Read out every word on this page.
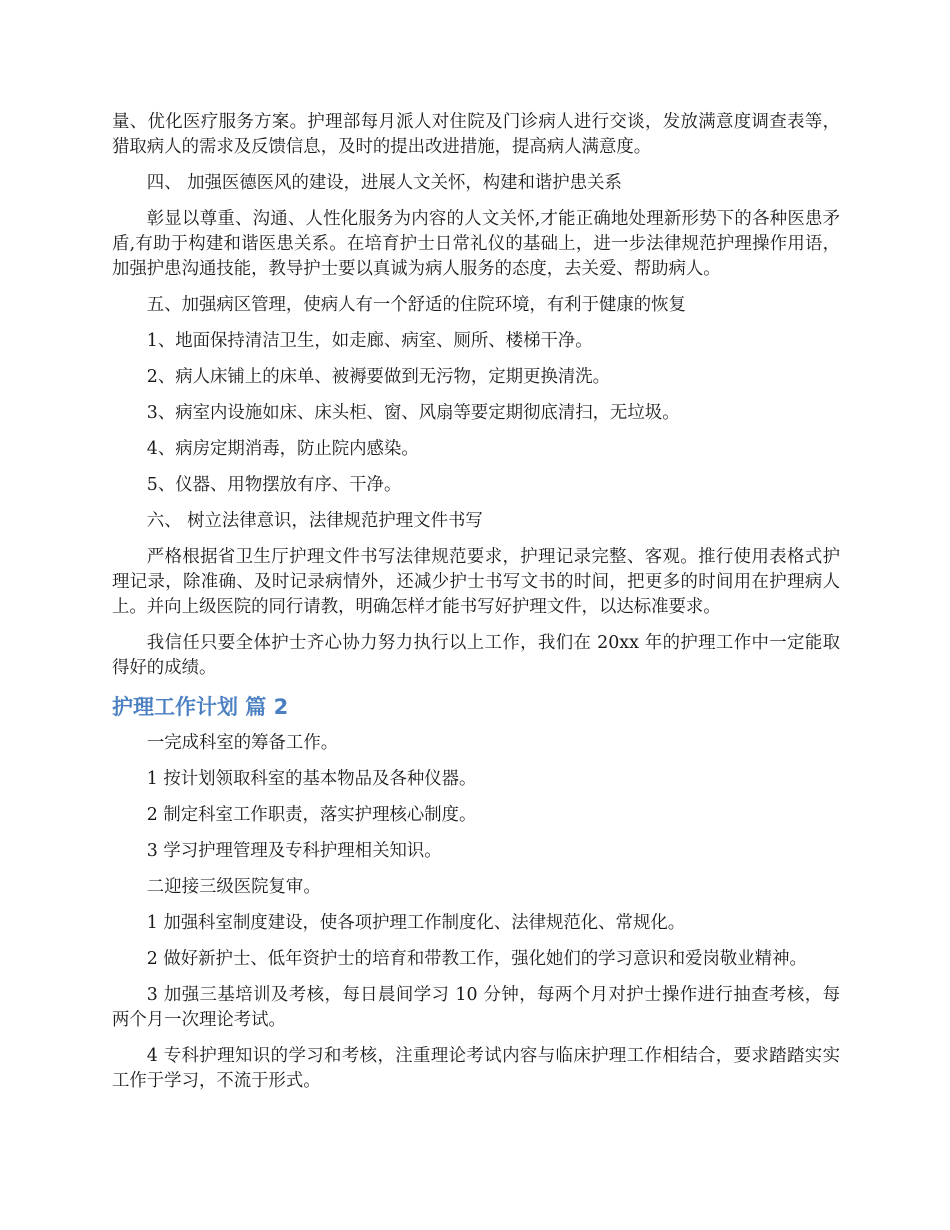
量、优化医疗服务方案。护理部每月派人对住院及门诊病人进行交谈，发放满意度调查表等，猎取病人的需求及反馈信息，及时的提出改进措施，提高病人满意度。

四、 加强医德医风的建设，进展人文关怀，构建和谐护患关系

彰显以尊重、沟通、人性化服务为内容的人文关怀,才能正确地处理新形势下的各种医患矛盾,有助于构建和谐医患关系。在培育护士日常礼仪的基础上，进一步法律规范护理操作用语，加强护患沟通技能，教导护士要以真诚为病人服务的态度，去关爱、帮助病人。

五、加强病区管理，使病人有一个舒适的住院环境，有利于健康的恢复

1、地面保持清洁卫生，如走廊、病室、厕所、楼梯干净。

2、病人床铺上的床单、被褥要做到无污物，定期更换清洗。

3、病室内设施如床、床头柜、窗、风扇等要定期彻底清扫，无垃圾。

4、病房定期消毒，防止院内感染。

5、仪器、用物摆放有序、干净。

六、 树立法律意识，法律规范护理文件书写

严格根据省卫生厅护理文件书写法律规范要求，护理记录完整、客观。推行使用表格式护理记录，除准确、及时记录病情外，还减少护士书写文书的时间，把更多的时间用在护理病人上。并向上级医院的同行请教，明确怎样才能书写好护理文件，以达标准要求。

我信任只要全体护士齐心协力努力执行以上工作，我们在 20xx 年的护理工作中一定能取得好的成绩。

护理工作计划 篇 2

一完成科室的筹备工作。

1 按计划领取科室的基本物品及各种仪器。

2 制定科室工作职责，落实护理核心制度。

3 学习护理管理及专科护理相关知识。

二迎接三级医院复审。

1 加强科室制度建设，使各项护理工作制度化、法律规范化、常规化。

2 做好新护士、低年资护士的培育和带教工作，强化她们的学习意识和爱岗敬业精神。

3 加强三基培训及考核，每日晨间学习 10 分钟，每两个月对护士操作进行抽查考核，每两个月一次理论考试。

4 专科护理知识的学习和考核，注重理论考试内容与临床护理工作相结合，要求踏踏实实工作于学习，不流于形式。
